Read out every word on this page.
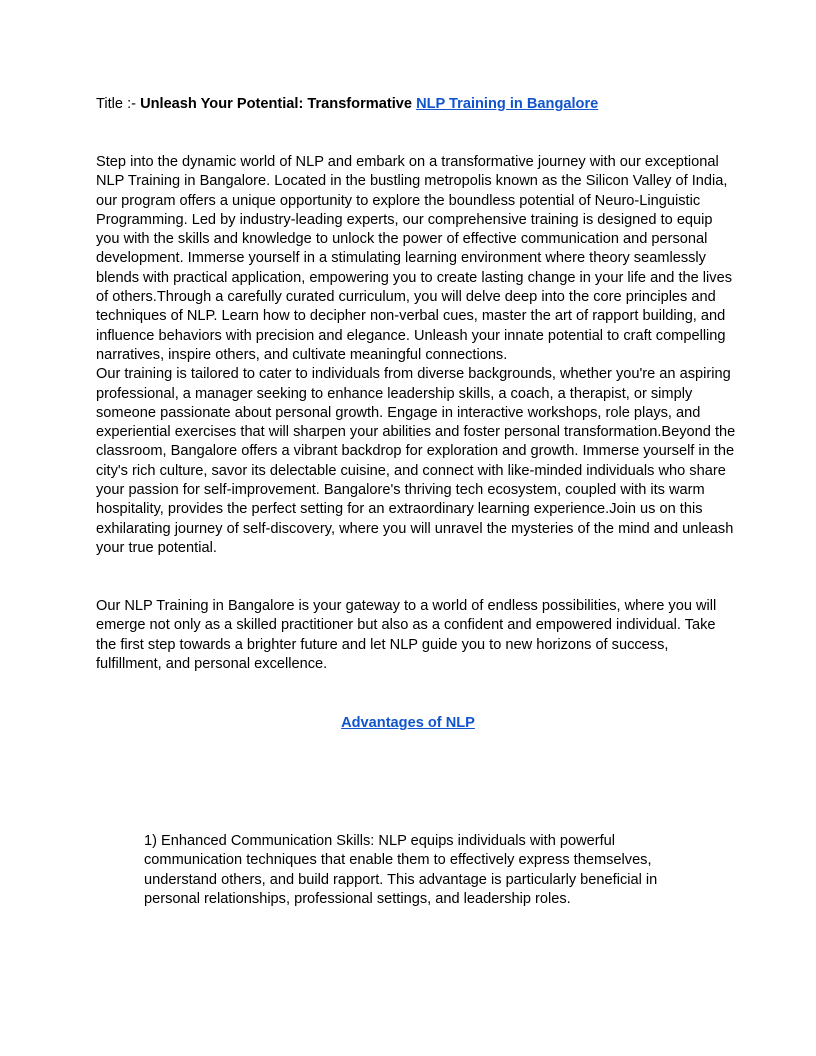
Title :- Unleash Your Potential: Transformative NLP Training in Bangalore

Step into the dynamic world of NLP and embark on a transformative journey with our exceptional NLP Training in Bangalore. Located in the bustling metropolis known as the Silicon Valley of India, our program offers a unique opportunity to explore the boundless potential of Neuro-Linguistic Programming. Led by industry-leading experts, our comprehensive training is designed to equip you with the skills and knowledge to unlock the power of effective communication and personal development. Immerse yourself in a stimulating learning environment where theory seamlessly blends with practical application, empowering you to create lasting change in your life and the lives of others.Through a carefully curated curriculum, you will delve deep into the core principles and techniques of NLP. Learn how to decipher non-verbal cues, master the art of rapport building, and influence behaviors with precision and elegance. Unleash your innate potential to craft compelling narratives, inspire others, and cultivate meaningful connections.

Our training is tailored to cater to individuals from diverse backgrounds, whether you're an aspiring professional, a manager seeking to enhance leadership skills, a coach, a therapist, or simply someone passionate about personal growth. Engage in interactive workshops, role plays, and experiential exercises that will sharpen your abilities and foster personal transformation.Beyond the classroom, Bangalore offers a vibrant backdrop for exploration and growth. Immerse yourself in the city's rich culture, savor its delectable cuisine, and connect with like-minded individuals who share your passion for self-improvement. Bangalore's thriving tech ecosystem, coupled with its warm hospitality, provides the perfect setting for an extraordinary learning experience.Join us on this exhilarating journey of self-discovery, where you will unravel the mysteries of the mind and unleash your true potential.

Our NLP Training in Bangalore is your gateway to a world of endless possibilities, where you will emerge not only as a skilled practitioner but also as a confident and empowered individual. Take the first step towards a brighter future and let NLP guide you to new horizons of success, fulfillment, and personal excellence.

Advantages of NLP

1) Enhanced Communication Skills: NLP equips individuals with powerful communication techniques that enable them to effectively express themselves, understand others, and build rapport. This advantage is particularly beneficial in personal relationships, professional settings, and leadership roles.
